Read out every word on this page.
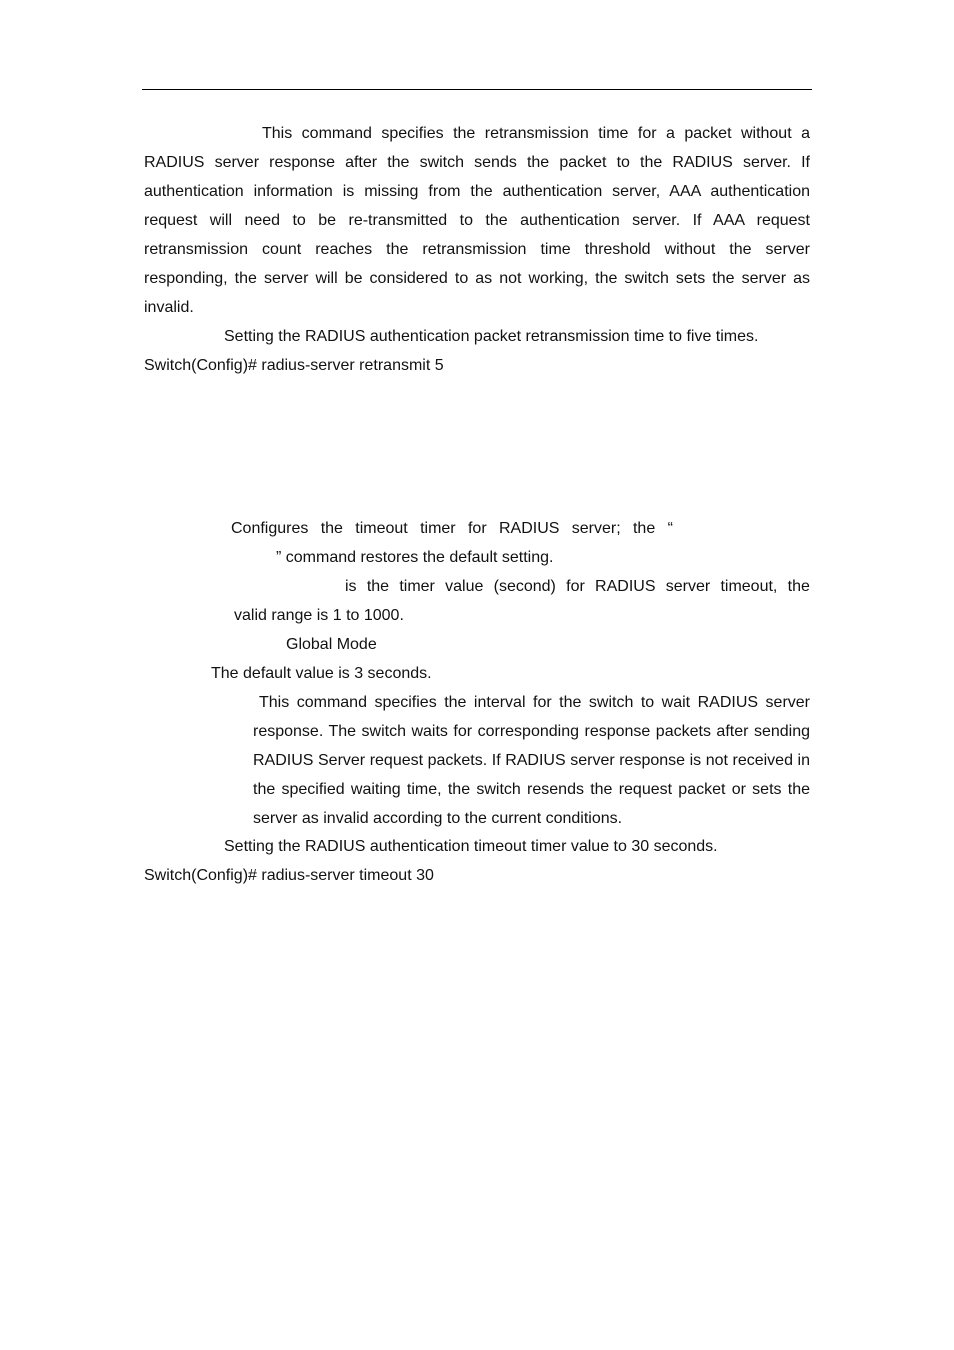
This command specifies the retransmission time for a packet without a RADIUS server response after the switch sends the packet to the RADIUS server. If authentication information is missing from the authentication server, AAA authentication request will need to be re-transmitted to the authentication server. If AAA request retransmission count reaches the retransmission time threshold without the server responding, the server will be considered to as not working, the switch sets the server as invalid.

Setting the RADIUS authentication packet retransmission time to five times.

Switch(Config)# radius-server retransmit 5

Configures the timeout timer for RADIUS server; the “
” command restores the default setting.
is the timer value (second) for RADIUS server timeout, the
valid range is 1 to 1000.
Global Mode
The default value is 3 seconds.

This command specifies the interval for the switch to wait RADIUS server response. The switch waits for corresponding response packets after sending RADIUS Server request packets. If RADIUS server response is not received in the specified waiting time, the switch resends the request packet or sets the server as invalid according to the current conditions.

Setting the RADIUS authentication timeout timer value to 30 seconds.
Switch(Config)# radius-server timeout 30
